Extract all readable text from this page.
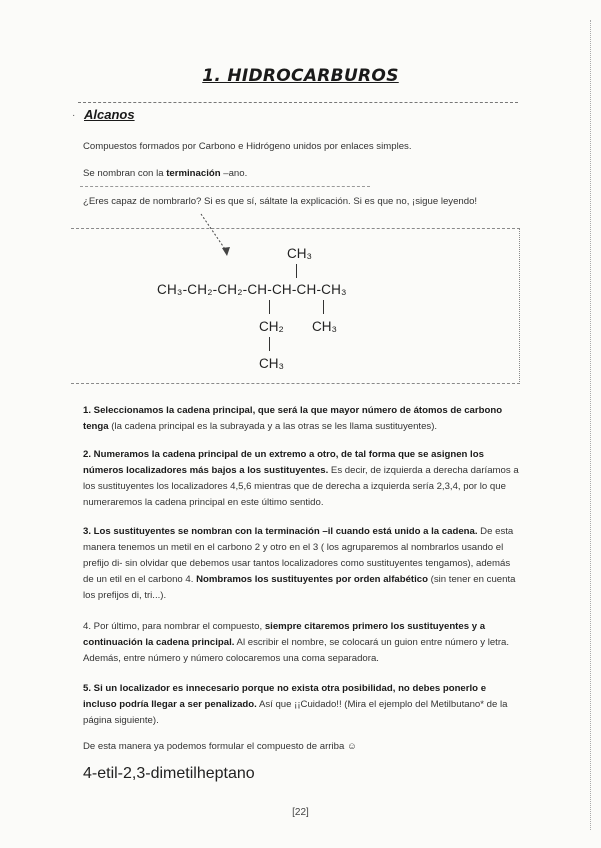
1. HIDROCARBUROS
· Alcanos
Compuestos formados por Carbono e Hidrógeno unidos por enlaces simples.
Se nombran con la terminación –ano.
¿Eres capaz de nombrarlo? Si es que sí, sáltate la explicación. Si es que no, ¡sigue leyendo!
CH₃
CH₃-CH₂-CH₂-CH-CH-CH-CH₃
CH₂ CH₃
CH₃
1. Seleccionamos la cadena principal, que será la que mayor número de átomos de carbono tenga (la cadena principal es la subrayada y a las otras se les llama sustituyentes).
2. Numeramos la cadena principal de un extremo a otro, de tal forma que se asignen los números localizadores más bajos a los sustituyentes. Es decir, de izquierda a derecha daríamos a los sustituyentes los localizadores 4,5,6 mientras que de derecha a izquierda sería 2,3,4, por lo que numeraremos la cadena principal en este último sentido.
3. Los sustituyentes se nombran con la terminación –il cuando está unido a la cadena. De esta manera tenemos un metil en el carbono 2 y otro en el 3 ( los agruparemos al nombrarlos usando el prefijo di- sin olvidar que debemos usar tantos localizadores como sustituyentes tengamos), además de un etil en el carbono 4. Nombramos los sustituyentes por orden alfabético (sin tener en cuenta los prefijos di, tri...).
4. Por último, para nombrar el compuesto, siempre citaremos primero los sustituyentes y a continuación la cadena principal. Al escribir el nombre, se colocará un guion entre número y letra. Además, entre número y número colocaremos una coma separadora.
5. Si un localizador es innecesario porque no exista otra posibilidad, no debes ponerlo e incluso podría llegar a ser penalizado. Así que ¡¡Cuidado!! (Mira el ejemplo del Metilbutano* de la página siguiente).
De esta manera ya podemos formular el compuesto de arriba ☺
4-etil-2,3-dimetilheptano
[22]
